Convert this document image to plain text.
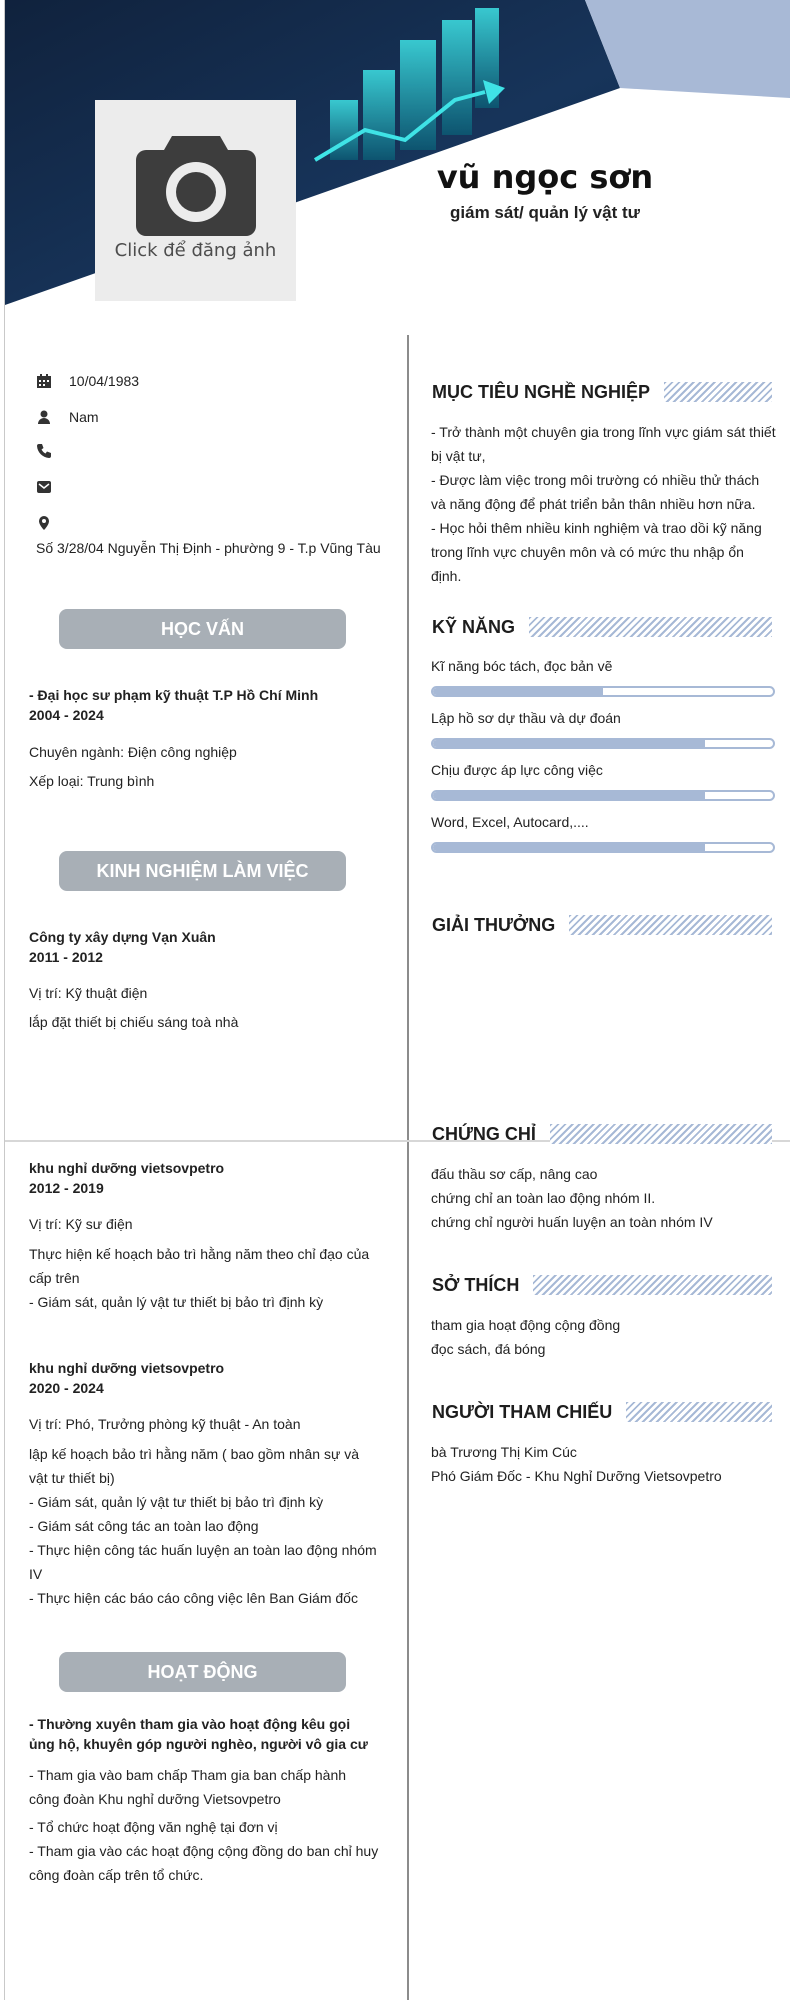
Click để đăng ảnh
vũ ngọc sơn
giám sát/ quản lý vật tư
10/04/1983
Nam
Số 3/28/04 Nguyễn Thị Định - phường 9 - T.p Vũng Tàu
HỌC VẤN
- Đại học sư phạm kỹ thuật T.P Hồ Chí Minh
2004 - 2024
Chuyên ngành: Điện công nghiệp
Xếp loại: Trung bình
KINH NGHIỆM LÀM VIỆC
Công ty xây dựng Vạn Xuân
2011 - 2012
Vị trí: Kỹ thuật điện
lắp đặt thiết bị chiếu sáng toà nhà
khu nghỉ dưỡng vietsovpetro
2012 - 2019
Vị trí: Kỹ sư điện
Thực hiện kế hoạch bảo trì hằng năm theo chỉ đạo của cấp trên
- Giám sát, quản lý vật tư thiết bị bảo trì định kỳ
khu nghỉ dưỡng vietsovpetro
2020 - 2024
Vị trí: Phó, Trưởng phòng kỹ thuật - An toàn
lập kế hoạch bảo trì hằng năm ( bao gồm nhân sự và vật tư thiết bị)
- Giám sát, quản lý vật tư thiết bị bảo trì định kỳ
- Giám sát công tác an toàn lao động
- Thực hiện công tác huấn luyện an toàn lao động nhóm IV
- Thực hiện các báo cáo công việc lên Ban Giám đốc
HOẠT ĐỘNG
- Thường xuyên tham gia vào hoạt động kêu gọi ủng hộ, khuyên góp người nghèo, người vô gia cư
- Tham gia vào bam chấp Tham gia ban chấp hành công đoàn Khu nghỉ dưỡng Vietsovpetro
- Tổ chức hoạt động văn nghệ tại đơn vị
- Tham gia vào các hoạt động cộng đồng do ban chỉ huy công đoàn cấp trên tổ chức.
MỤC TIÊU NGHỀ NGHIỆP
- Trở thành một chuyên gia trong lĩnh vực giám sát thiết bị vật tư,
- Được làm việc trong môi trường có nhiều thử thách và năng động để phát triển bản thân nhiều hơn nữa.
- Học hỏi thêm nhiều kinh nghiệm và trao dồi kỹ năng trong lĩnh vực chuyên môn và có mức thu nhập ổn định.
KỸ NĂNG
Kĩ năng bóc tách, đọc bản vẽ
Lập hồ sơ dự thầu và dự đoán
Chịu được áp lực công việc
Word, Excel, Autocard,....
GIẢI THƯỞNG
CHỨNG CHỈ
đấu thầu sơ cấp, nâng cao
chứng chỉ an toàn lao động nhóm II.
chứng chỉ người huấn luyện an toàn nhóm IV
SỞ THÍCH
tham gia hoạt động cộng đồng
đọc sách, đá bóng
NGƯỜI THAM CHIẾU
bà Trương Thị Kim Cúc
Phó Giám Đốc - Khu Nghỉ Dưỡng Vietsovpetro
